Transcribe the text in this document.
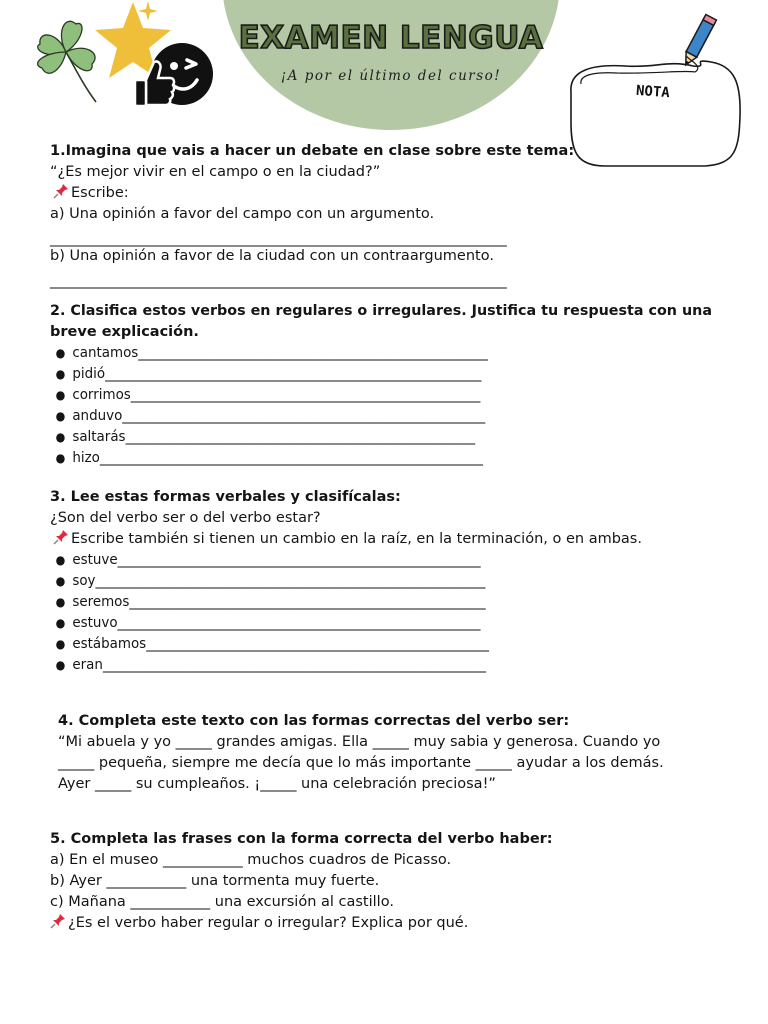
EXAMEN LENGUA
¡A por el último del curso!
NOTA
1.Imagina que vais a hacer un debate en clase sobre este tema:
“¿Es mejor vivir en el campo o en la ciudad?”
Escribe:
a) Una opinión a favor del campo con un argumento.
_______________________________________________________________
b) Una opinión a favor de la ciudad con un contraargumento.
_______________________________________________________________
2. Clasifica estos verbos en regulares o irregulares. Justifica tu respuesta con una
breve explicación.
● cantamos____________________________________________________
● pidió________________________________________________________
● corrimos____________________________________________________
● anduvo______________________________________________________
● saltarás____________________________________________________
● hizo_________________________________________________________
3. Lee estas formas verbales y clasifícalas:
¿Son del verbo ser o del verbo estar?
Escribe también si tienen un cambio en la raíz, en la terminación, o en ambas.
● estuve______________________________________________________
● soy__________________________________________________________
● seremos_____________________________________________________
● estuvo______________________________________________________
● estábamos___________________________________________________
● eran_________________________________________________________
4. Completa este texto con las formas correctas del verbo ser:
“Mi abuela y yo _____ grandes amigas. Ella _____ muy sabia y generosa. Cuando yo
_____ pequeña, siempre me decía que lo más importante _____ ayudar a los demás.
Ayer _____ su cumpleaños. ¡_____ una celebración preciosa!”
5. Completa las frases con la forma correcta del verbo haber:
a) En el museo ___________ muchos cuadros de Picasso.
b) Ayer ___________ una tormenta muy fuerte.
c) Mañana ___________ una excursión al castillo.
¿Es el verbo haber regular o irregular? Explica por qué.
